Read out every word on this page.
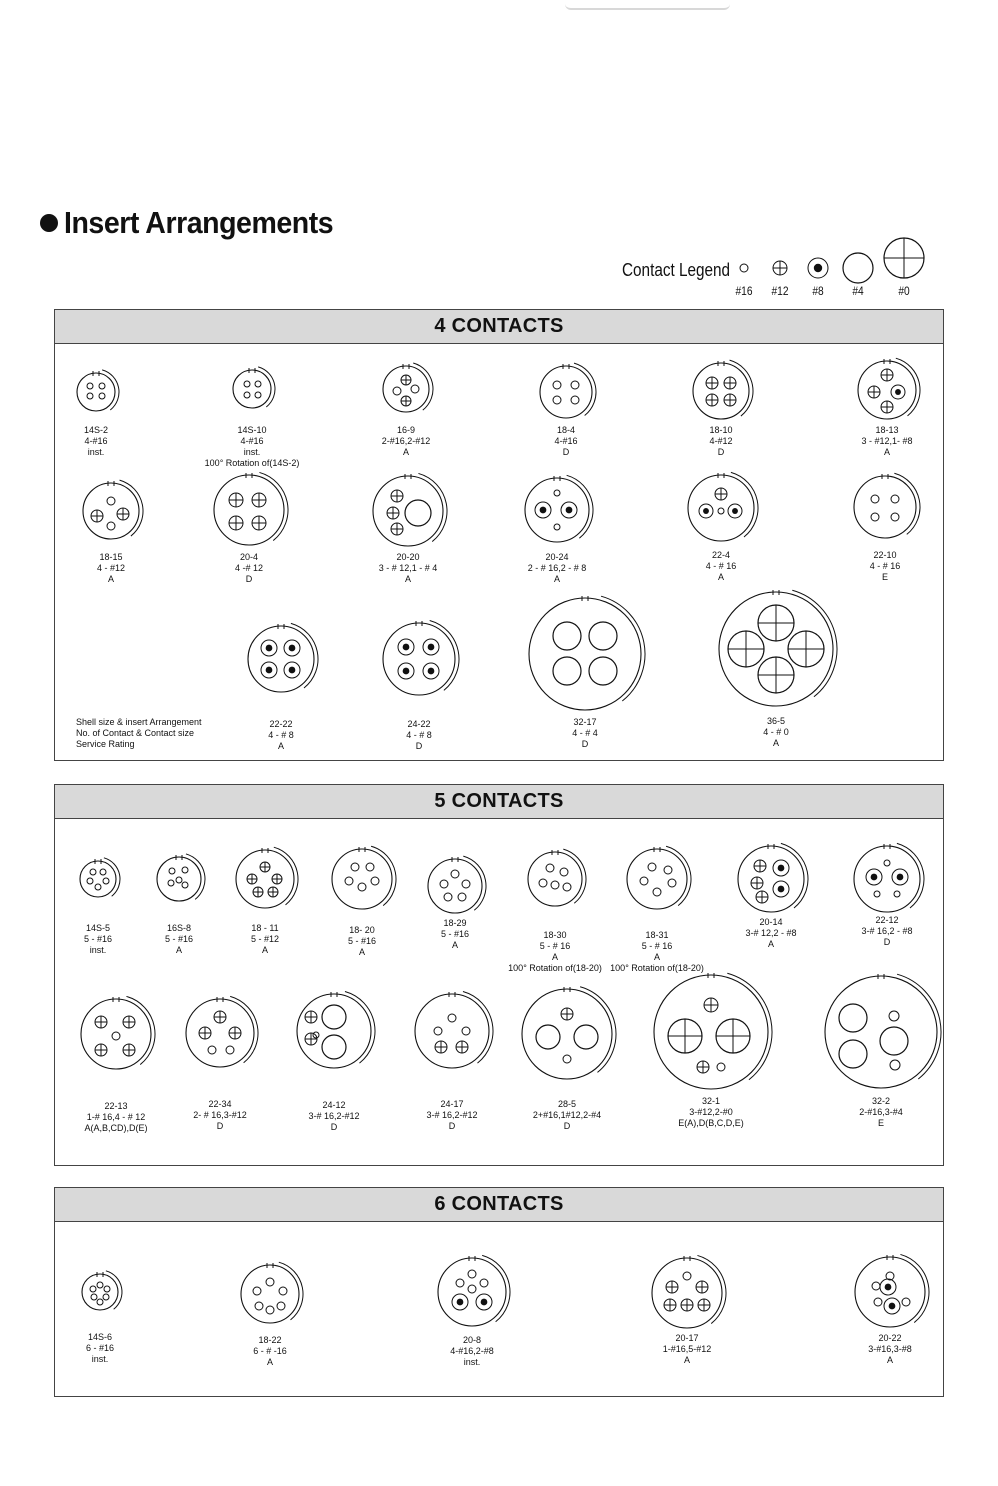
Insert Arrangements
Contact Legend
#16	#12	#8	#4	#0
4 CONTACTS
Shell size & insert Arrangement
No. of Contact & Contact size
Service Rating
14S-2
4-#16
inst.
14S-10
4-#16
inst.
100° Rotation of(14S-2)
16-9
2-#16,2-#12
A
18-4
4-#16
D
18-10
4-#12
D
18-13
3 - #12,1- #8
A
18-15
4 - #12
A
20-4
4 -# 12
D
20-20
3 - # 12,1 - # 4
A
20-24
2 - # 16,2 - # 8
A
22-4
4 - # 16
A
22-10
4 - # 16
E
22-22
4 - # 8
A
24-22
4 - # 8
D
32-17
4 - # 4
D
36-5
4 - # 0
A
5 CONTACTS
14S-5
5 - #16
inst.
16S-8
5 - #16
A
18 - 11
5 - #12
A
18- 20
5 - #16
A
18-29
5 - #16
A
18-30
5 - # 16
A
100° Rotation of(18-20)
18-31
5 - # 16
A
100° Rotation of(18-20)
20-14
3-# 12,2 - #8
A
22-12
3-# 16,2 - #8
D
22-13
1-# 16,4 - # 12
A(A,B,CD),D(E)
22-34
2- # 16,3-#12
D
24-12
3-# 16,2-#12
D
24-17
3-# 16,2-#12
D
28-5
2+#16,1#12,2-#4
D
32-1
3-#12,2-#0
E(A),D(B,C,D,E)
32-2
2-#16,3-#4
E
6 CONTACTS
14S-6
6 - #16
inst.
18-22
6 - # -16
A
20-8
4-#16,2-#8
inst.
20-17
1-#16,5-#12
A
20-22
3-#16,3-#8
A
